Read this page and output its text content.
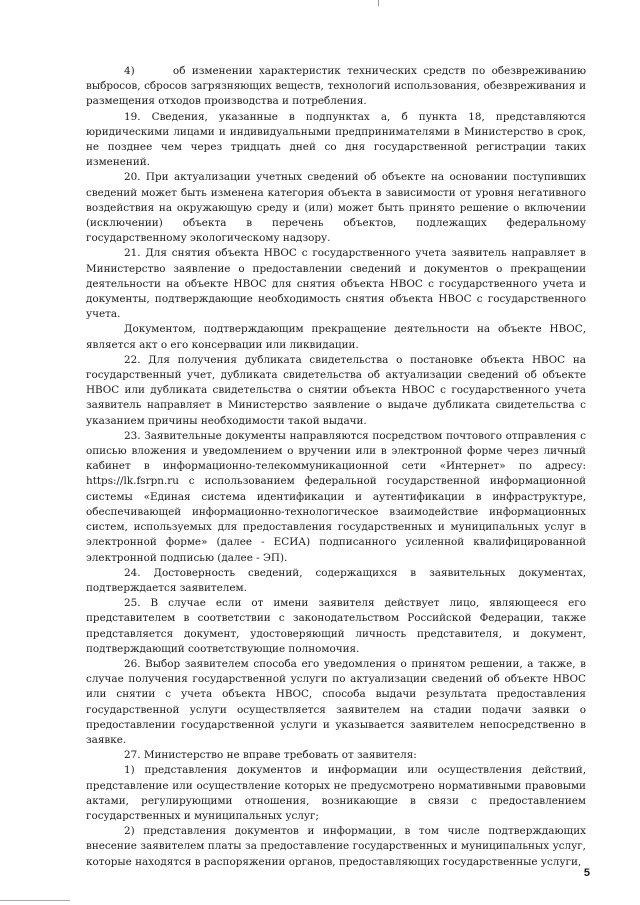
4)      об изменении характеристик технических средств по обезвреживанию выбросов, сбросов загрязняющих веществ, технологий использования, обезвреживания и размещения отходов производства и потребления.

19. Сведения, указанные в подпунктах а, б пункта 18, представляются юридическими лицами и индивидуальными предпринимателями в Министерство в срок, не позднее чем через тридцать дней со дня государственной регистрации таких изменений.

20. При актуализации учетных сведений об объекте на основании поступивших сведений может быть изменена категория объекта в зависимости от уровня негативного воздействия на окружающую среду и (или) может быть принято решение о включении (исключении) объекта в перечень объектов, подлежащих федеральному государственному экологическому надзору.

21. Для снятия объекта НВОС с государственного учета заявитель направляет в Министерство заявление о предоставлении сведений и документов о прекращении деятельности на объекте НВОС для снятия объекта НВОС с государственного учета и документы, подтверждающие необходимость снятия объекта НВОС с государственного учета.

Документом, подтверждающим прекращение деятельности на объекте НВОС, является акт о его консервации или ликвидации.

22. Для получения дубликата свидетельства о постановке объекта НВОС на государственный учет, дубликата свидетельства об актуализации сведений об объекте НВОС или дубликата свидетельства о снятии объекта НВОС с государственного учета заявитель направляет в Министерство заявление о выдаче дубликата свидетельства с указанием причины необходимости такой выдачи.

23. Заявительные документы направляются посредством почтового отправления с описью вложения и уведомлением о вручении или в электронной форме через личный кабинет в информационно-телекоммуникационной сети «Интернет» по адресу: https://lk.fsrpn.ru с использованием федеральной государственной информационной системы «Единая система идентификации и аутентификации в инфраструктуре, обеспечивающей информационно-технологическое взаимодействие информационных систем, используемых для предоставления государственных и муниципальных услуг в электронной форме» (далее - ЕСИА) подписанного усиленной квалифицированной электронной подписью (далее - ЭП).

24. Достоверность сведений, содержащихся в заявительных документах, подтверждается заявителем.

25. В случае если от имени заявителя действует лицо, являющееся его представителем в соответствии с законодательством Российской Федерации, также представляется документ, удостоверяющий личность представителя, и документ, подтверждающий соответствующие полномочия.

26. Выбор заявителем способа его уведомления о принятом решении, а также, в случае получения государственной услуги по актуализации сведений об объекте НВОС или снятии с учета объекта НВОС, способа выдачи результата предоставления государственной услуги осуществляется заявителем на стадии подачи заявки о предоставлении государственной услуги и указывается заявителем непосредственно в заявке.

27. Министерство не вправе требовать от заявителя:

1) представления документов и информации или осуществления действий, представление или осуществление которых не предусмотрено нормативными правовыми актами, регулирующими отношения, возникающие в связи с предоставлением государственных и муниципальных услуг;

2) представления документов и информации, в том числе подтверждающих внесение заявителем платы за предоставление государственных и муниципальных услуг, которые находятся в распоряжении органов, предоставляющих государственные услуги,

5
